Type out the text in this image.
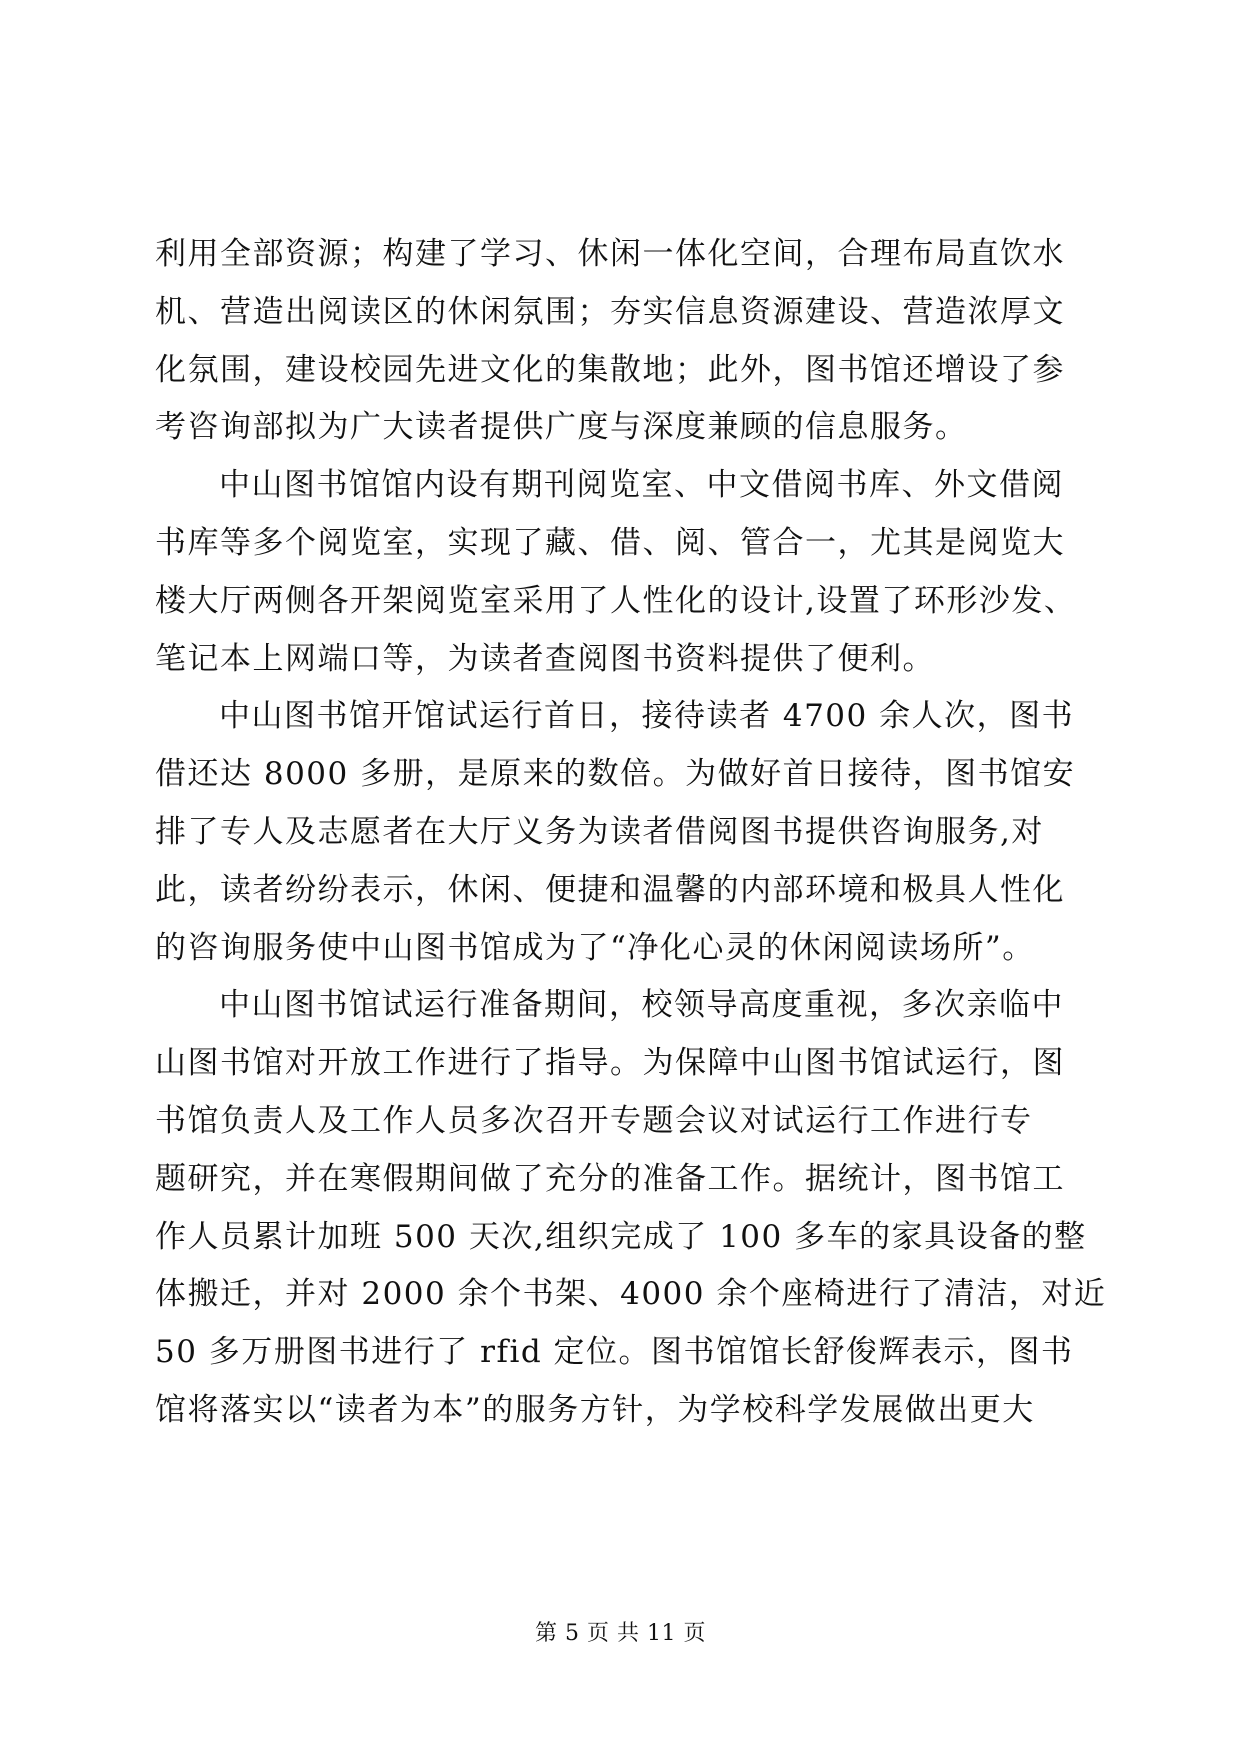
利用全部资源；构建了学习、休闲一体化空间，合理布局直饮水
机、营造出阅读区的休闲氛围；夯实信息资源建设、营造浓厚文
化氛围，建设校园先进文化的集散地；此外，图书馆还增设了参
考咨询部拟为广大读者提供广度与深度兼顾的信息服务。
中山图书馆馆内设有期刊阅览室、中文借阅书库、外文借阅
书库等多个阅览室，实现了藏、借、阅、管合一，尤其是阅览大
楼大厅两侧各开架阅览室采用了人性化的设计,设置了环形沙发、
笔记本上网端口等，为读者查阅图书资料提供了便利。
中山图书馆开馆试运行首日，接待读者 4700 余人次，图书
借还达 8000 多册，是原来的数倍。为做好首日接待，图书馆安
排了专人及志愿者在大厅义务为读者借阅图书提供咨询服务,对
此，读者纷纷表示，休闲、便捷和温馨的内部环境和极具人性化
的咨询服务使中山图书馆成为了“净化心灵的休闲阅读场所”。
中山图书馆试运行准备期间，校领导高度重视，多次亲临中
山图书馆对开放工作进行了指导。为保障中山图书馆试运行，图
书馆负责人及工作人员多次召开专题会议对试运行工作进行专
题研究，并在寒假期间做了充分的准备工作。据统计，图书馆工
作人员累计加班 500 天次,组织完成了 100 多车的家具设备的整
体搬迁，并对 2000 余个书架、4000 余个座椅进行了清洁，对近
50 多万册图书进行了 rfid 定位。图书馆馆长舒俊辉表示，图书
馆将落实以“读者为本”的服务方针，为学校科学发展做出更大
第 5 页 共 11 页
